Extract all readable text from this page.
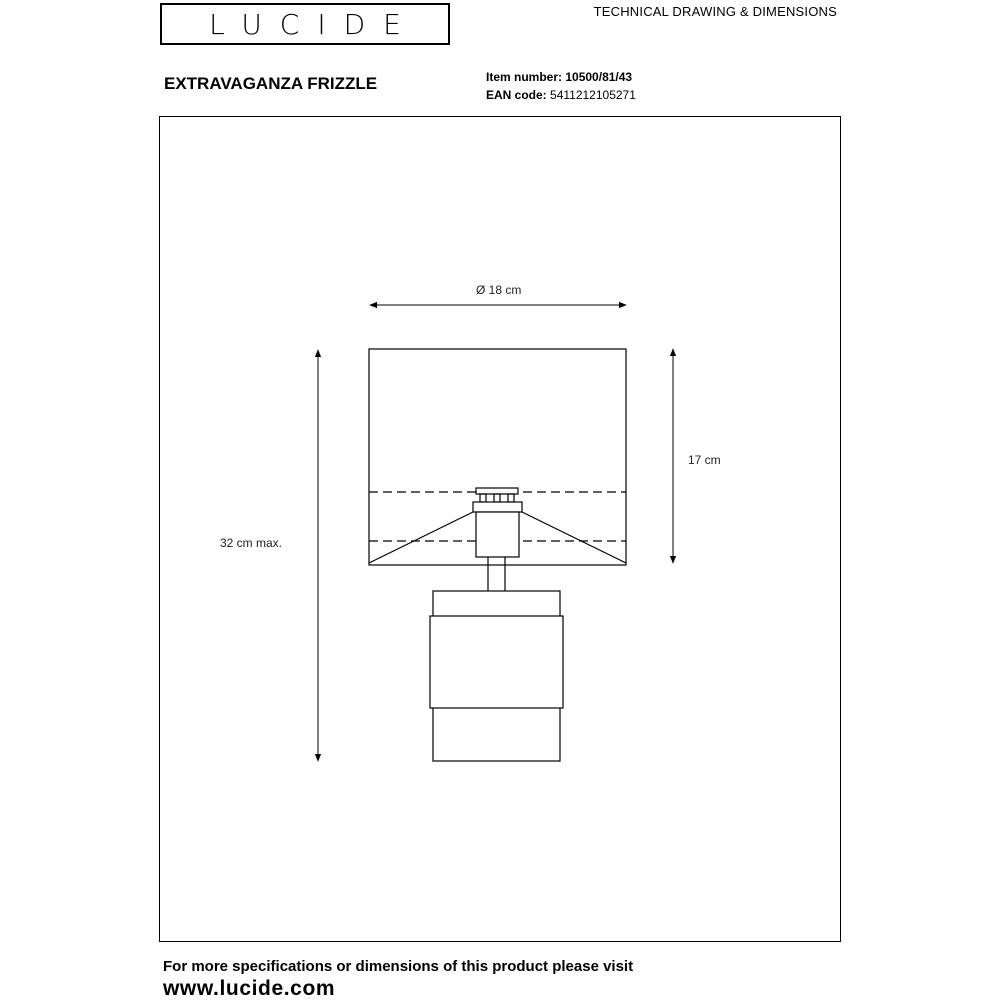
LUCIDE	TECHNICAL DRAWING & DIMENSIONS
EXTRAVAGANZA FRIZZLE	Item number: 10500/81/43
EAN code: 5411212105271
Ø 18 cm
17 cm
32 cm max.
For more specifications or dimensions of this product please visit
www.lucide.com
